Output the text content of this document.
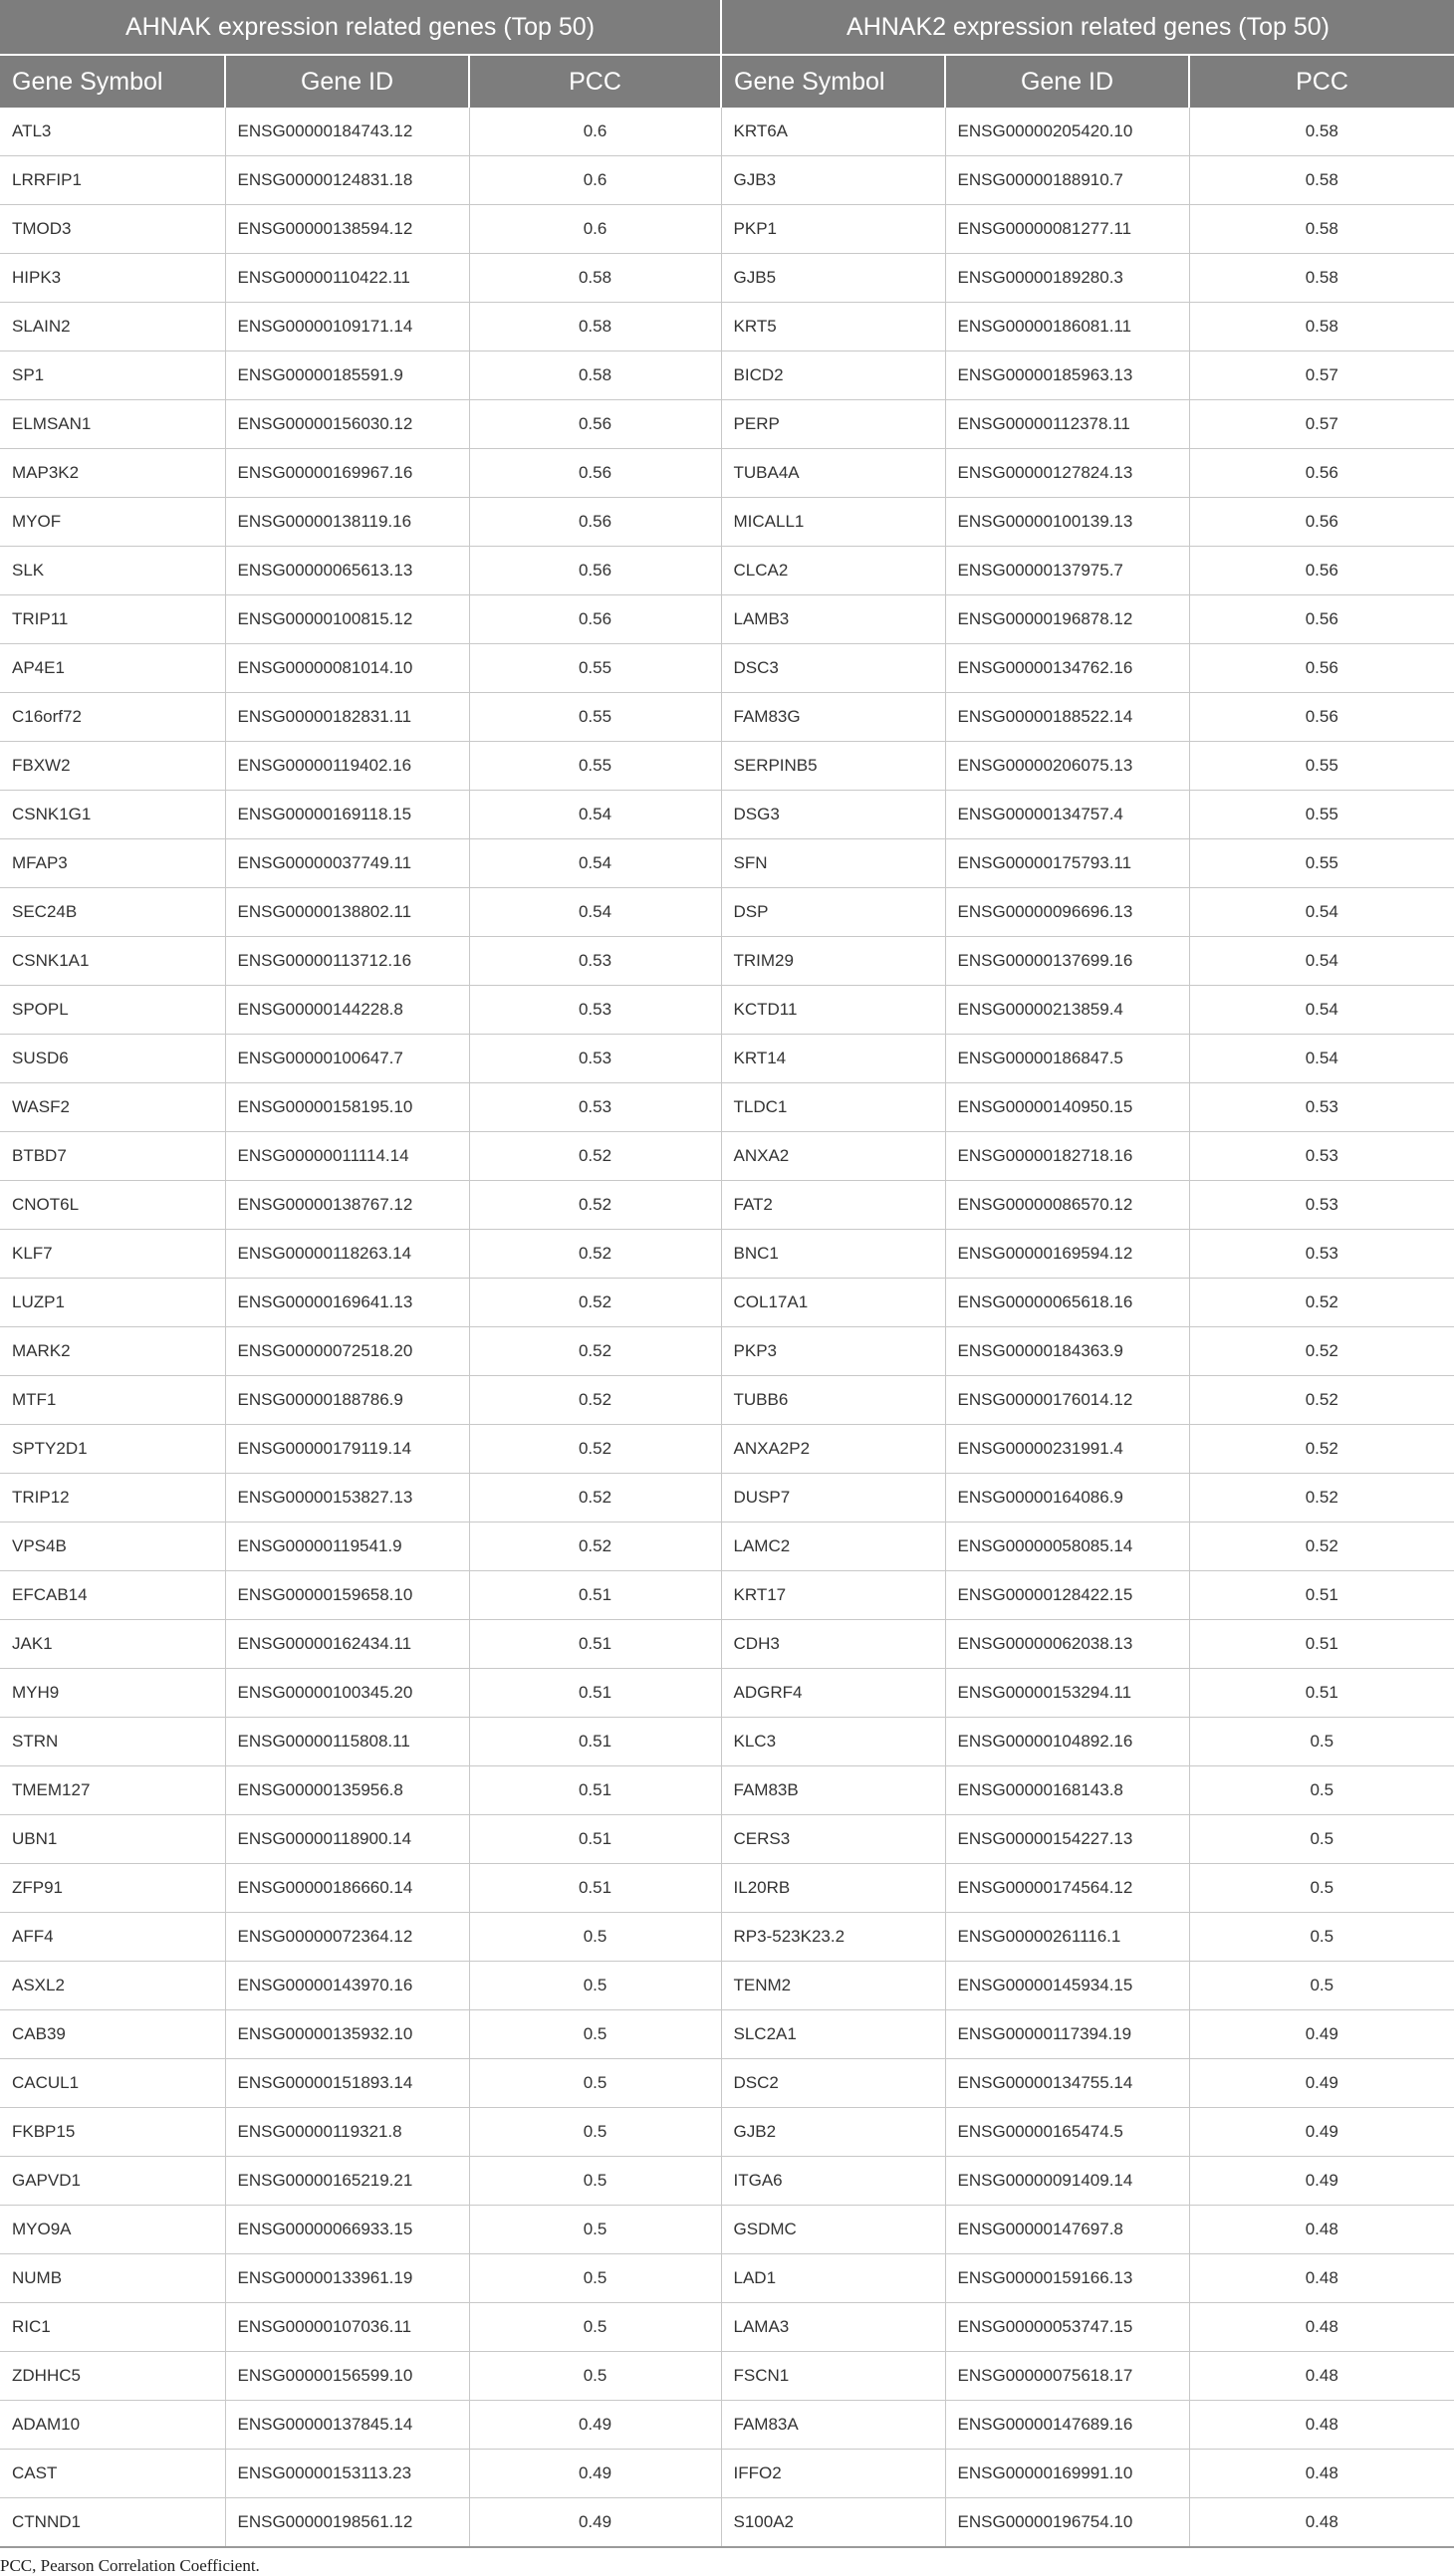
AHNAK expression related genes (Top 50)			AHNAK2 expression related genes (Top 50)		
Gene Symbol	Gene ID	PCC	Gene Symbol	Gene ID	PCC
ATL3	ENSG00000184743.12	0.6	KRT6A	ENSG00000205420.10	0.58
LRRFIP1	ENSG00000124831.18	0.6	GJB3	ENSG00000188910.7	0.58
TMOD3	ENSG00000138594.12	0.6	PKP1	ENSG00000081277.11	0.58
HIPK3	ENSG00000110422.11	0.58	GJB5	ENSG00000189280.3	0.58
SLAIN2	ENSG00000109171.14	0.58	KRT5	ENSG00000186081.11	0.58
SP1	ENSG00000185591.9	0.58	BICD2	ENSG00000185963.13	0.57
ELMSAN1	ENSG00000156030.12	0.56	PERP	ENSG00000112378.11	0.57
MAP3K2	ENSG00000169967.16	0.56	TUBA4A	ENSG00000127824.13	0.56
MYOF	ENSG00000138119.16	0.56	MICALL1	ENSG00000100139.13	0.56
SLK	ENSG00000065613.13	0.56	CLCA2	ENSG00000137975.7	0.56
TRIP11	ENSG00000100815.12	0.56	LAMB3	ENSG00000196878.12	0.56
AP4E1	ENSG00000081014.10	0.55	DSC3	ENSG00000134762.16	0.56
C16orf72	ENSG00000182831.11	0.55	FAM83G	ENSG00000188522.14	0.56
FBXW2	ENSG00000119402.16	0.55	SERPINB5	ENSG00000206075.13	0.55
CSNK1G1	ENSG00000169118.15	0.54	DSG3	ENSG00000134757.4	0.55
MFAP3	ENSG00000037749.11	0.54	SFN	ENSG00000175793.11	0.55
SEC24B	ENSG00000138802.11	0.54	DSP	ENSG00000096696.13	0.54
CSNK1A1	ENSG00000113712.16	0.53	TRIM29	ENSG00000137699.16	0.54
SPOPL	ENSG00000144228.8	0.53	KCTD11	ENSG00000213859.4	0.54
SUSD6	ENSG00000100647.7	0.53	KRT14	ENSG00000186847.5	0.54
WASF2	ENSG00000158195.10	0.53	TLDC1	ENSG00000140950.15	0.53
BTBD7	ENSG00000011114.14	0.52	ANXA2	ENSG00000182718.16	0.53
CNOT6L	ENSG00000138767.12	0.52	FAT2	ENSG00000086570.12	0.53
KLF7	ENSG00000118263.14	0.52	BNC1	ENSG00000169594.12	0.53
LUZP1	ENSG00000169641.13	0.52	COL17A1	ENSG00000065618.16	0.52
MARK2	ENSG00000072518.20	0.52	PKP3	ENSG00000184363.9	0.52
MTF1	ENSG00000188786.9	0.52	TUBB6	ENSG00000176014.12	0.52
SPTY2D1	ENSG00000179119.14	0.52	ANXA2P2	ENSG00000231991.4	0.52
TRIP12	ENSG00000153827.13	0.52	DUSP7	ENSG00000164086.9	0.52
VPS4B	ENSG00000119541.9	0.52	LAMC2	ENSG00000058085.14	0.52
EFCAB14	ENSG00000159658.10	0.51	KRT17	ENSG00000128422.15	0.51
JAK1	ENSG00000162434.11	0.51	CDH3	ENSG00000062038.13	0.51
MYH9	ENSG00000100345.20	0.51	ADGRF4	ENSG00000153294.11	0.51
STRN	ENSG00000115808.11	0.51	KLC3	ENSG00000104892.16	0.5
TMEM127	ENSG00000135956.8	0.51	FAM83B	ENSG00000168143.8	0.5
UBN1	ENSG00000118900.14	0.51	CERS3	ENSG00000154227.13	0.5
ZFP91	ENSG00000186660.14	0.51	IL20RB	ENSG00000174564.12	0.5
AFF4	ENSG00000072364.12	0.5	RP3-523K23.2	ENSG00000261116.1	0.5
ASXL2	ENSG00000143970.16	0.5	TENM2	ENSG00000145934.15	0.5
CAB39	ENSG00000135932.10	0.5	SLC2A1	ENSG00000117394.19	0.49
CACUL1	ENSG00000151893.14	0.5	DSC2	ENSG00000134755.14	0.49
FKBP15	ENSG00000119321.8	0.5	GJB2	ENSG00000165474.5	0.49
GAPVD1	ENSG00000165219.21	0.5	ITGA6	ENSG00000091409.14	0.49
MYO9A	ENSG00000066933.15	0.5	GSDMC	ENSG00000147697.8	0.48
NUMB	ENSG00000133961.19	0.5	LAD1	ENSG00000159166.13	0.48
RIC1	ENSG00000107036.11	0.5	LAMA3	ENSG00000053747.15	0.48
ZDHHC5	ENSG00000156599.10	0.5	FSCN1	ENSG00000075618.17	0.48
ADAM10	ENSG00000137845.14	0.49	FAM83A	ENSG00000147689.16	0.48
CAST	ENSG00000153113.23	0.49	IFFO2	ENSG00000169991.10	0.48
CTNND1	ENSG00000198561.12	0.49	S100A2	ENSG00000196754.10	0.48

PCC, Pearson Correlation Coefficient.
